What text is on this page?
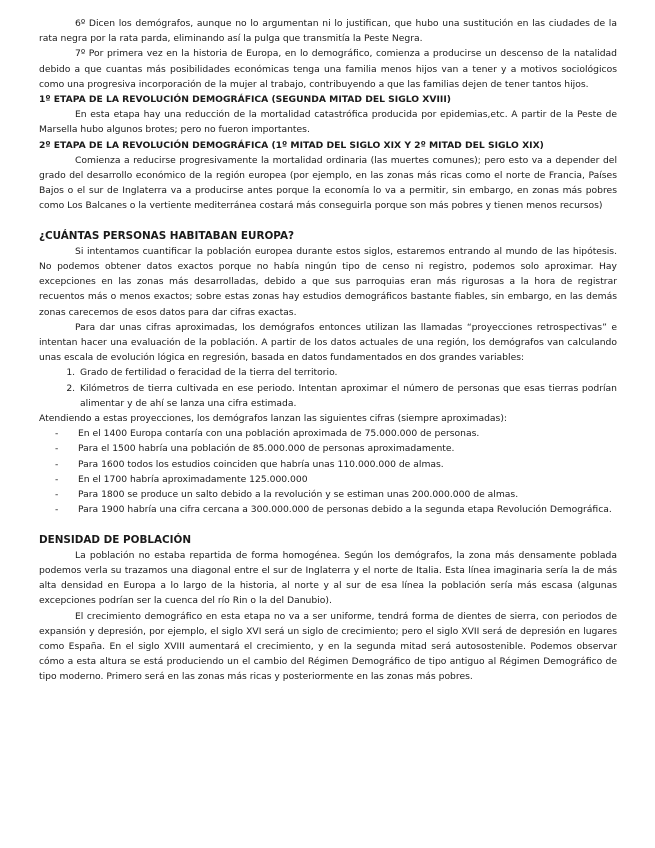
6º Dicen los demógrafos, aunque no lo argumentan ni lo justifican, que hubo una sustitución en las ciudades de la rata negra por la rata parda, eliminando así la pulga que transmitía la Peste Negra.

7º Por primera vez en la historia de Europa, en lo demográfico, comienza a producirse un descenso de la natalidad debido a que cuantas más posibilidades económicas tenga una familia menos hijos van a tener y a motivos sociológicos como una progresiva incorporación de la mujer al trabajo, contribuyendo a que las familias dejen de tener tantos hijos.

1º ETAPA DE LA REVOLUCIÓN DEMOGRÁFICA (SEGUNDA MITAD DEL SIGLO XVIII)

En esta etapa hay una reducción de la mortalidad catastrófica producida por epidemias,etc. A partir de la Peste de Marsella hubo algunos brotes; pero no fueron importantes.

2º ETAPA DE LA REVOLUCIÓN DEMOGRÁFICA (1º MITAD DEL SIGLO XIX Y 2º MITAD DEL SIGLO XIX)

Comienza a reducirse progresivamente la mortalidad ordinaria (las muertes comunes); pero esto va a depender del grado del desarrollo económico de la región europea (por ejemplo, en las zonas más ricas como el norte de Francia, Países Bajos o el sur de Inglaterra va a producirse antes porque la economía lo va a permitir, sin embargo, en zonas más pobres como Los Balcanes o la vertiente mediterránea costará más conseguirla porque son más pobres y tienen menos recursos)

¿CUÁNTAS PERSONAS HABITABAN EUROPA?

Si intentamos cuantificar la población europea durante estos siglos, estaremos entrando al mundo de las hipótesis. No podemos obtener datos exactos porque no había ningún tipo de censo ni registro, podemos solo aproximar. Hay excepciones en las zonas más desarrolladas, debido a que sus parroquias eran más rigurosas a la hora de registrar recuentos más o menos exactos; sobre estas zonas hay estudios demográficos bastante fiables, sin embargo, en las demás zonas carecemos de esos datos para dar cifras exactas.

Para dar unas cifras aproximadas, los demógrafos entonces utilizan las llamadas “proyecciones retrospectivas” e intentan hacer una evaluación de la población. A partir de los datos actuales de una región, los demógrafos van calculando unas escala de evolución lógica en regresión, basada en datos fundamentados en dos grandes variables:

1. Grado de fertilidad o feracidad de la tierra del territorio.
2. Kilómetros de tierra cultivada en ese periodo. Intentan aproximar el número de personas que esas tierras podrían alimentar y de ahí se lanza una cifra estimada.

Atendiendo a estas proyecciones, los demógrafos lanzan las siguientes cifras (siempre aproximadas):

- En el 1400 Europa contaría con una población aproximada de 75.000.000 de personas.
- Para el 1500 habría una población de 85.000.000 de personas aproximadamente.
- Para 1600 todos los estudios coinciden que habría unas 110.000.000 de almas.
- En el 1700 habría aproximadamente 125.000.000
- Para 1800 se produce un salto debido a la revolución y se estiman unas 200.000.000 de almas.
- Para 1900 habría una cifra cercana a 300.000.000 de personas debido a la segunda etapa Revolución Demográfica.
DENSIDAD DE POBLACIÓN

La población no estaba repartida de forma homogénea. Según los demógrafos, la zona más densamente poblada podemos verla su trazamos una diagonal entre el sur de Inglaterra y el norte de Italia. Esta línea imaginaria sería la de más alta densidad en Europa a lo largo de la historia, al norte y al sur de esa línea la población sería más escasa (algunas excepciones podrían ser la cuenca del río Rin o la del Danubio).

El crecimiento demográfico en esta etapa no va a ser uniforme, tendrá forma de dientes de sierra, con periodos de expansión y depresión, por ejemplo, el siglo XVI será un siglo de crecimiento; pero el siglo XVII será de depresión en lugares como España. En el siglo XVIII aumentará el crecimiento, y en la segunda mitad será autosostenible. Podemos observar cómo a esta altura se está produciendo un el cambio del Régimen Demográfico de tipo antiguo al Régimen Demográfico de tipo moderno. Primero será en las zonas más ricas y posteriormente en las zonas más pobres.
